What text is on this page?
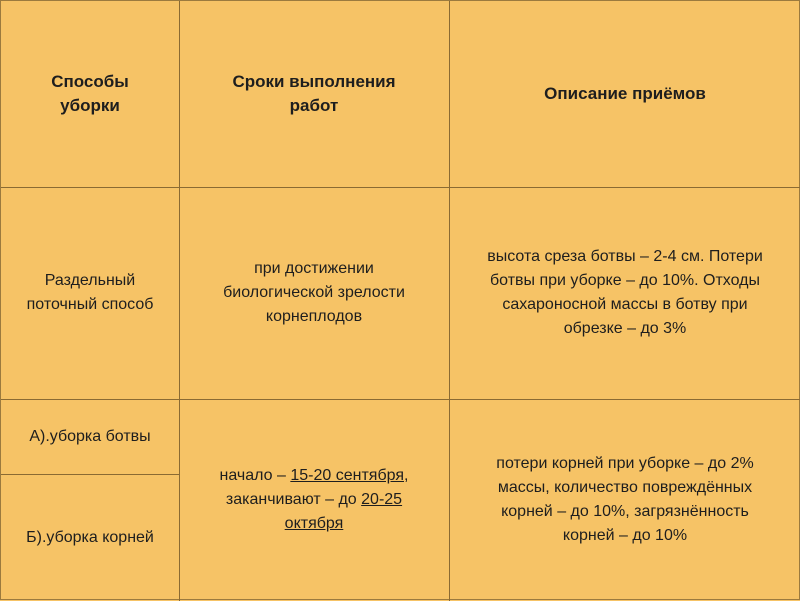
Способы
уборки
Сроки выполнения
работ
Описание приёмов
Раздельный
поточный способ
при достижении
биологической зрелости
корнеплодов
высота среза ботвы – 2-4 см. Потери
ботвы при уборке – до 10%. Отходы
сахароносной массы в ботву при
обрезке – до 3%
А).уборка ботвы
Б).уборка корней
начало – 15-20 сентября,
заканчивают – до 20-25
октября
потери корней при уборке – до 2%
массы, количество повреждённых
корней – до 10%, загрязнённость
корней – до 10%
